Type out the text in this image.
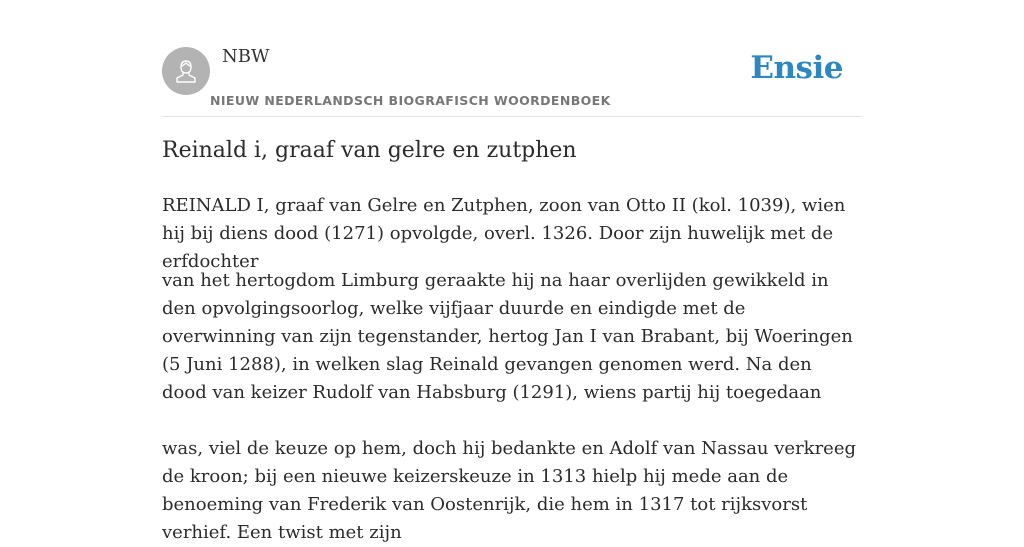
NBW
NIEUW NEDERLANDSCH BIOGRAFISCH WOORDENBOEK
Ensie
Reinald i, graaf van gelre en zutphen

REINALD I, graaf van Gelre en Zutphen, zoon van Otto II (kol. 1039), wien hij bij diens dood (1271) opvolgde, overl. 1326. Door zijn huwelijk met de erfdochter

van het hertogdom Limburg geraakte hij na haar overlijden gewikkeld in den opvolgingsoorlog, welke vijfjaar duurde en eindigde met de overwinning van zijn tegenstander, hertog Jan I van Brabant, bij Woeringen (5 Juni 1288), in welken slag Reinald gevangen genomen werd. Na den dood van keizer Rudolf van Habsburg (1291), wiens partij hij toegedaan

was, viel de keuze op hem, doch hij bedankte en Adolf van Nassau verkreeg de kroon; bij een nieuwe keizerskeuze in 1313 hielp hij mede aan de benoeming van Frederik van Oostenrijk, die hem in 1317 tot rijksvorst verhief. Een twist met zijn
